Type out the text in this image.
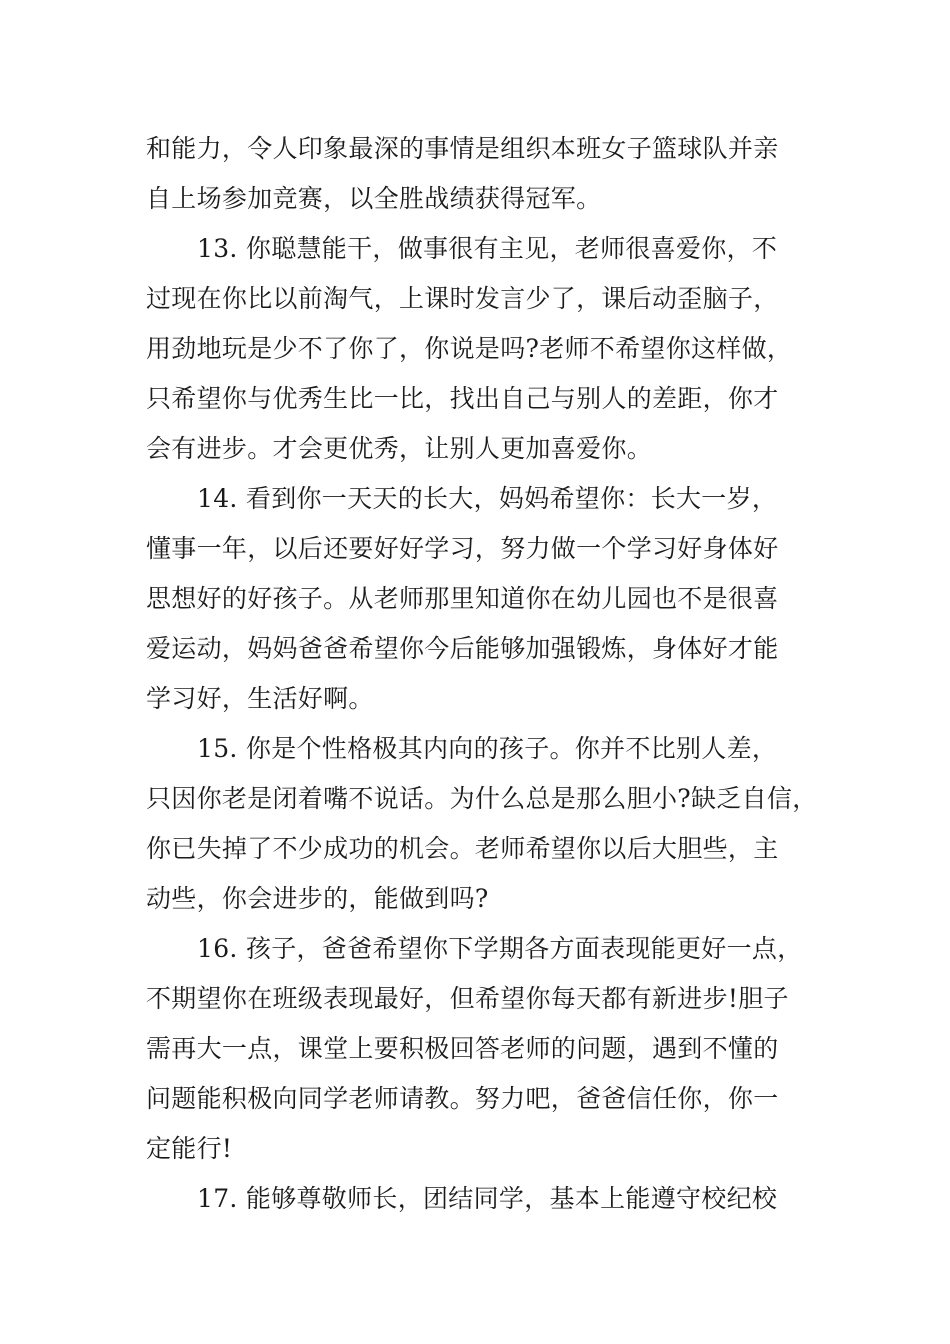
和能力，令人印象最深的事情是组织本班女子篮球队并亲
自上场参加竞赛，以全胜战绩获得冠军。
13. 你聪慧能干，做事很有主见，老师很喜爱你，不
过现在你比以前淘气，上课时发言少了，课后动歪脑子，
用劲地玩是少不了你了，你说是吗?老师不希望你这样做，
只希望你与优秀生比一比，找出自己与别人的差距，你才
会有进步。才会更优秀，让别人更加喜爱你。
14. 看到你一天天的长大，妈妈希望你：长大一岁，
懂事一年，以后还要好好学习，努力做一个学习好身体好
思想好的好孩子。从老师那里知道你在幼儿园也不是很喜
爱运动，妈妈爸爸希望你今后能够加强锻炼，身体好才能
学习好，生活好啊。
15. 你是个性格极其内向的孩子。你并不比别人差，
只因你老是闭着嘴不说话。为什么总是那么胆小?缺乏自信，
你已失掉了不少成功的机会。老师希望你以后大胆些，主
动些，你会进步的，能做到吗?
16. 孩子，爸爸希望你下学期各方面表现能更好一点，
不期望你在班级表现最好，但希望你每天都有新进步!胆子
需再大一点，课堂上要积极回答老师的问题，遇到不懂的
问题能积极向同学老师请教。努力吧，爸爸信任你，你一
定能行!
17. 能够尊敬师长，团结同学，基本上能遵守校纪校
